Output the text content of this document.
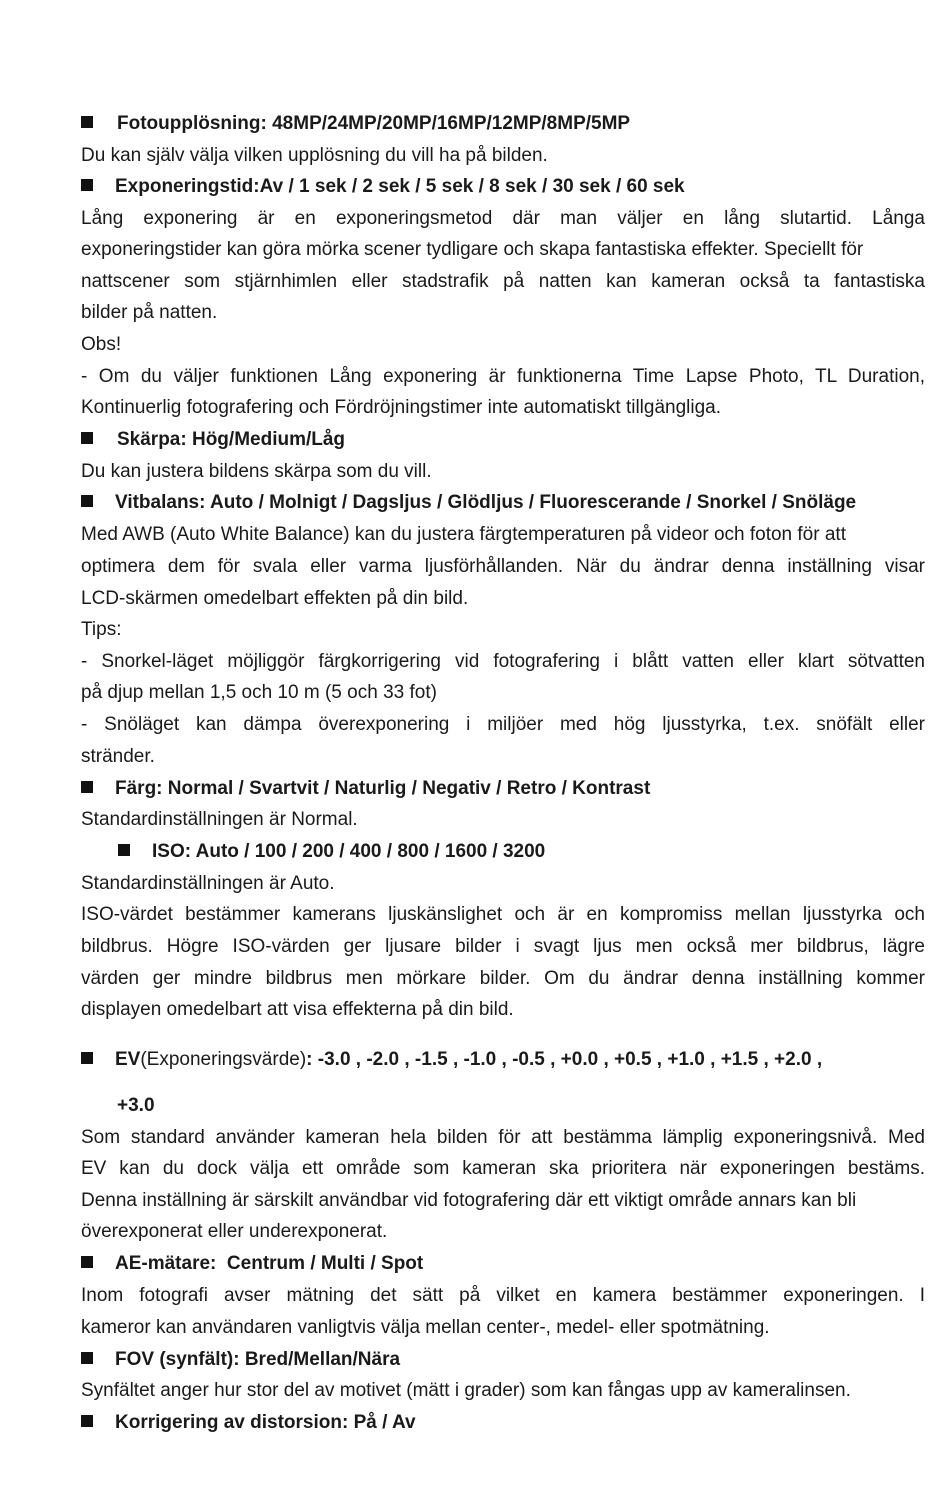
Fotoupplösning: 48MP/24MP/20MP/16MP/12MP/8MP/5MP
Du kan själv välja vilken upplösning du vill ha på bilden.
Exponeringstid:Av / 1 sek / 2 sek / 5 sek / 8 sek / 30 sek / 60 sek
Lång exponering är en exponeringsmetod där man väljer en lång slutartid. Långa
exponeringstider kan göra mörka scener tydligare och skapa fantastiska effekter. Speciellt för
nattscener som stjärnhimlen eller stadstrafik på natten kan kameran också ta fantastiska
bilder på natten.
Obs!
- Om du väljer funktionen Lång exponering är funktionerna Time Lapse Photo, TL Duration,
Kontinuerlig fotografering och Fördröjningstimer inte automatiskt tillgängliga.
Skärpa: Hög/Medium/Låg
Du kan justera bildens skärpa som du vill.
Vitbalans: Auto / Molnigt / Dagsljus / Glödljus / Fluorescerande / Snorkel / Snöläge
Med AWB (Auto White Balance) kan du justera färgtemperaturen på videor och foton för att
optimera dem för svala eller varma ljusförhållanden. När du ändrar denna inställning visar
LCD-skärmen omedelbart effekten på din bild.
Tips:
- Snorkel-läget möjliggör färgkorrigering vid fotografering i blått vatten eller klart sötvatten
på djup mellan 1,5 och 10 m (5 och 33 fot)
- Snöläget kan dämpa överexponering i miljöer med hög ljusstyrka, t.ex. snöfält eller
stränder.
Färg: Normal / Svartvit / Naturlig / Negativ / Retro / Kontrast
Standardinställningen är Normal.
ISO: Auto / 100 / 200 / 400 / 800 / 1600 / 3200
Standardinställningen är Auto.
ISO-värdet bestämmer kamerans ljuskänslighet och är en kompromiss mellan ljusstyrka och
bildbrus. Högre ISO-värden ger ljusare bilder i svagt ljus men också mer bildbrus, lägre
värden ger mindre bildbrus men mörkare bilder. Om du ändrar denna inställning kommer
displayen omedelbart att visa effekterna på din bild.
EV(Exponeringsvärde): -3.0 , -2.0 , -1.5 , -1.0 , -0.5 , +0.0 , +0.5 , +1.0 , +1.5 , +2.0 ,
+3.0
Som standard använder kameran hela bilden för att bestämma lämplig exponeringsnivå. Med
EV kan du dock välja ett område som kameran ska prioritera när exponeringen bestäms.
Denna inställning är särskilt användbar vid fotografering där ett viktigt område annars kan bli
överexponerat eller underexponerat.
AE-mätare:  Centrum / Multi / Spot
Inom fotografi avser mätning det sätt på vilket en kamera bestämmer exponeringen. I
kameror kan användaren vanligtvis välja mellan center-, medel- eller spotmätning.
FOV (synfält): Bred/Mellan/Nära
Synfältet anger hur stor del av motivet (mätt i grader) som kan fångas upp av kameralinsen.
Korrigering av distorsion: På / Av
